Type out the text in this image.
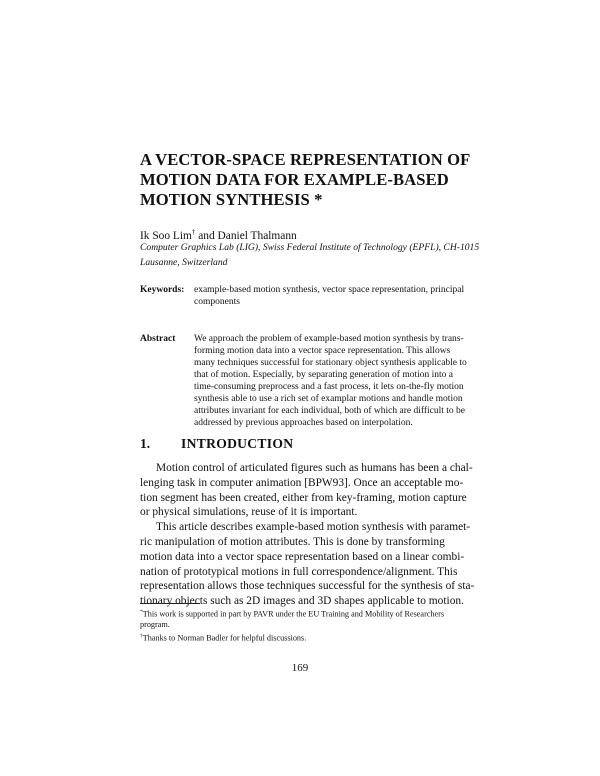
A VECTOR-SPACE REPRESENTATION OF
MOTION DATA FOR EXAMPLE-BASED
MOTION SYNTHESIS *
Ik Soo Lim† and Daniel Thalmann
Computer Graphics Lab (LIG), Swiss Federal Institute of Technology (EPFL), CH-1015
Lausanne, Switzerland
Keywords: example-based motion synthesis, vector space representation, principal
components
Abstract We approach the problem of example-based motion synthesis by trans-
forming motion data into a vector space representation. This allows
many techniques successful for stationary object synthesis applicable to
that of motion. Especially, by separating generation of motion into a
time-consuming preprocess and a fast process, it lets on-the-fly motion
synthesis able to use a rich set of examplar motions and handle motion
attributes invariant for each individual, both of which are difficult to be
addressed by previous approaches based on interpolation.
1. INTRODUCTION
Motion control of articulated figures such as humans has been a chal-
lenging task in computer animation [BPW93]. Once an acceptable mo-
tion segment has been created, either from key-framing, motion capture
or physical simulations, reuse of it is important.
This article describes example-based motion synthesis with paramet-
ric manipulation of motion attributes. This is done by transforming
motion data into a vector space representation based on a linear combi-
nation of prototypical motions in full correspondence/alignment. This
representation allows those techniques successful for the synthesis of sta-
tionary objects such as 2D images and 3D shapes applicable to motion.
*This work is supported in part by PAVR under the EU Training and Mobility of Researchers
program.
†Thanks to Norman Badler for helpful discussions.
169
